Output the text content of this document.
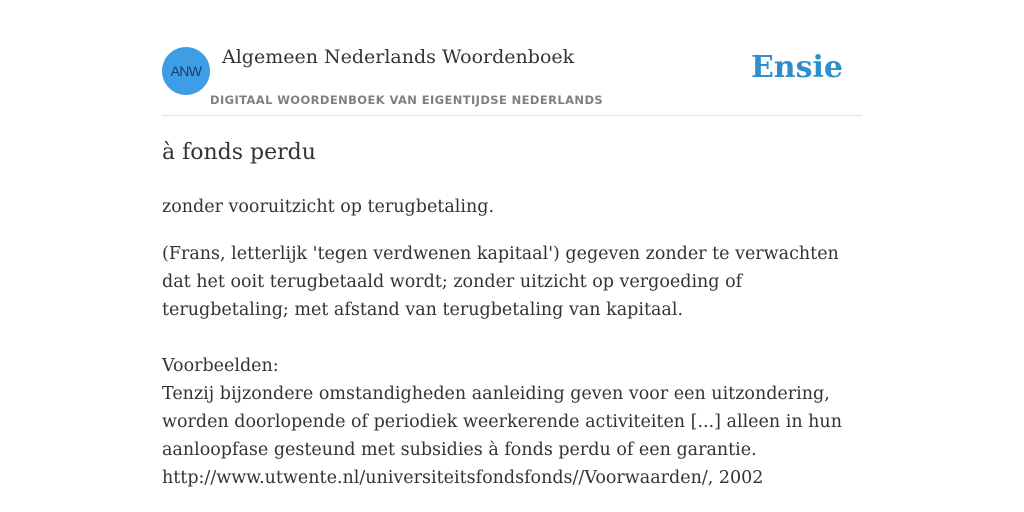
ANW
Algemeen Nederlands Woordenboek
DIGITAAL WOORDENBOEK VAN EIGENTIJDSE NEDERLANDS
Ensie
à fonds perdu
zonder vooruitzicht op terugbetaling.

(Frans, letterlijk 'tegen verdwenen kapitaal') gegeven zonder te verwachten dat het ooit terugbetaald wordt; zonder uitzicht op vergoeding of terugbetaling; met afstand van terugbetaling van kapitaal.

Voorbeelden:

Tenzij bijzondere omstandigheden aanleiding geven voor een uitzondering, worden doorlopende of periodiek weerkerende activiteiten [...] alleen in hun aanloopfase gesteund met subsidies à fonds perdu of een garantie.

http://www.utwente.nl/universiteitsfondsfonds//Voorwaarden/, 2002
